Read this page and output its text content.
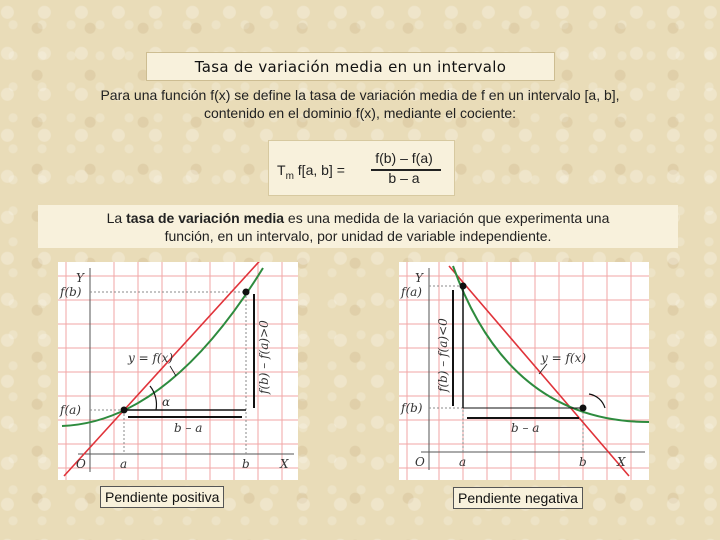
Tasa de variación media en un intervalo
Para una función f(x) se define la tasa de variación media de f en un intervalo [a, b],
contenido en el dominio f(x), mediante el cociente:
$T_m$ f[a, b] =
f(b) – f(a)
b – a
La tasa de variación media es una medida de la variación que experimenta una
función, en un intervalo, por unidad de variable independiente.
Y
f(b)
f(a)
O	a	b	X
y = f(x)
α
b – a
f(b) – f(a)>0
Y
f(a)
f(b)
O	a	b	X
y = f(x)
b – a
f(b) – f(a)<0
Pendiente positiva	Pendiente negativa
